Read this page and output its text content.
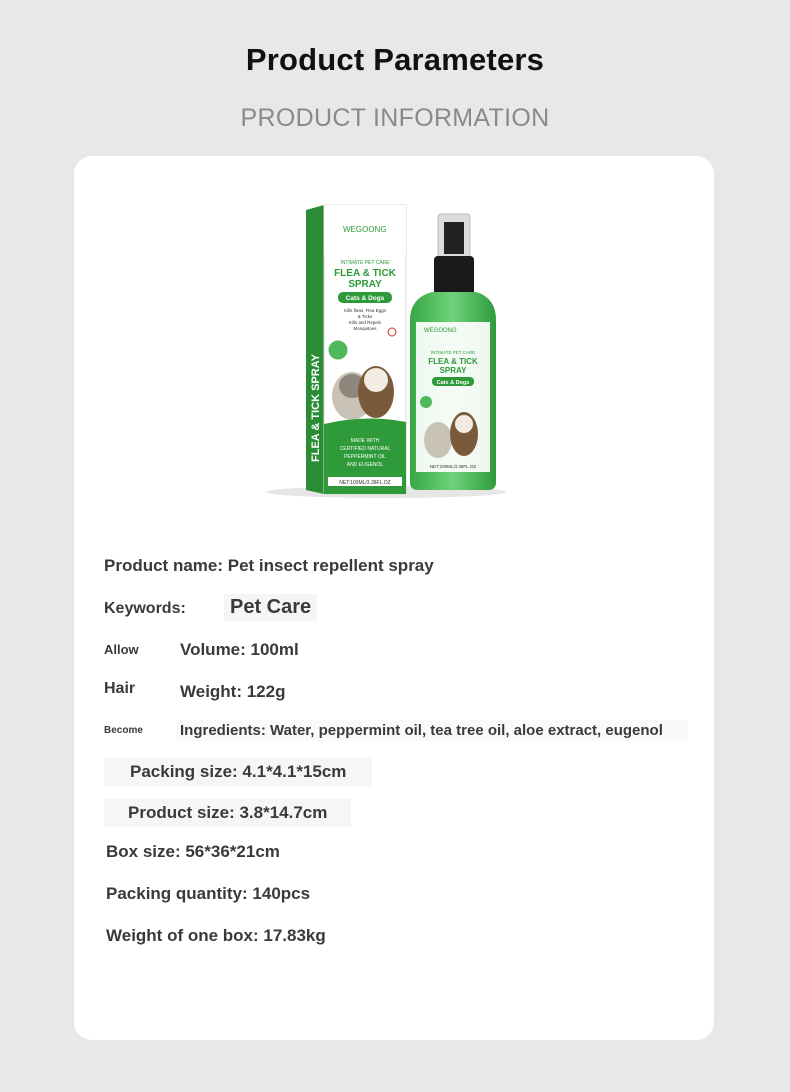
Product Parameters
PRODUCT INFORMATION
FLEA & TICK SPRAY
WEGOONG
INTIMATE PET CARE
FLEA & TICK
SPRAY
Cats & Dogs
Kills fleas, Flea Eggs
& Ticks
Kills and Repels
Mosquitoes
MADE WITH
CERTIFIED NATURAL
PEPPERMINT OIL
AND EUGENOL
NET:100ML/3.38FL.OZ
WEGOONG
INTIMATE PET CARE
FLEA & TICK
SPRAY
Cats & Dogs
NET:100ML/3.38FL.OZ
Product name: Pet insect repellent spray
Keywords:	Pet Care
Allow Volume: 100ml
Hair	Weight: 122g
Become Ingredients: Water, peppermint oil, tea tree oil, aloe extract, eugenol
Packing size: 4.1*4.1*15cm
Product size: 3.8*14.7cm
Box size: 56*36*21cm
Packing quantity: 140pcs
Weight of one box: 17.83kg
